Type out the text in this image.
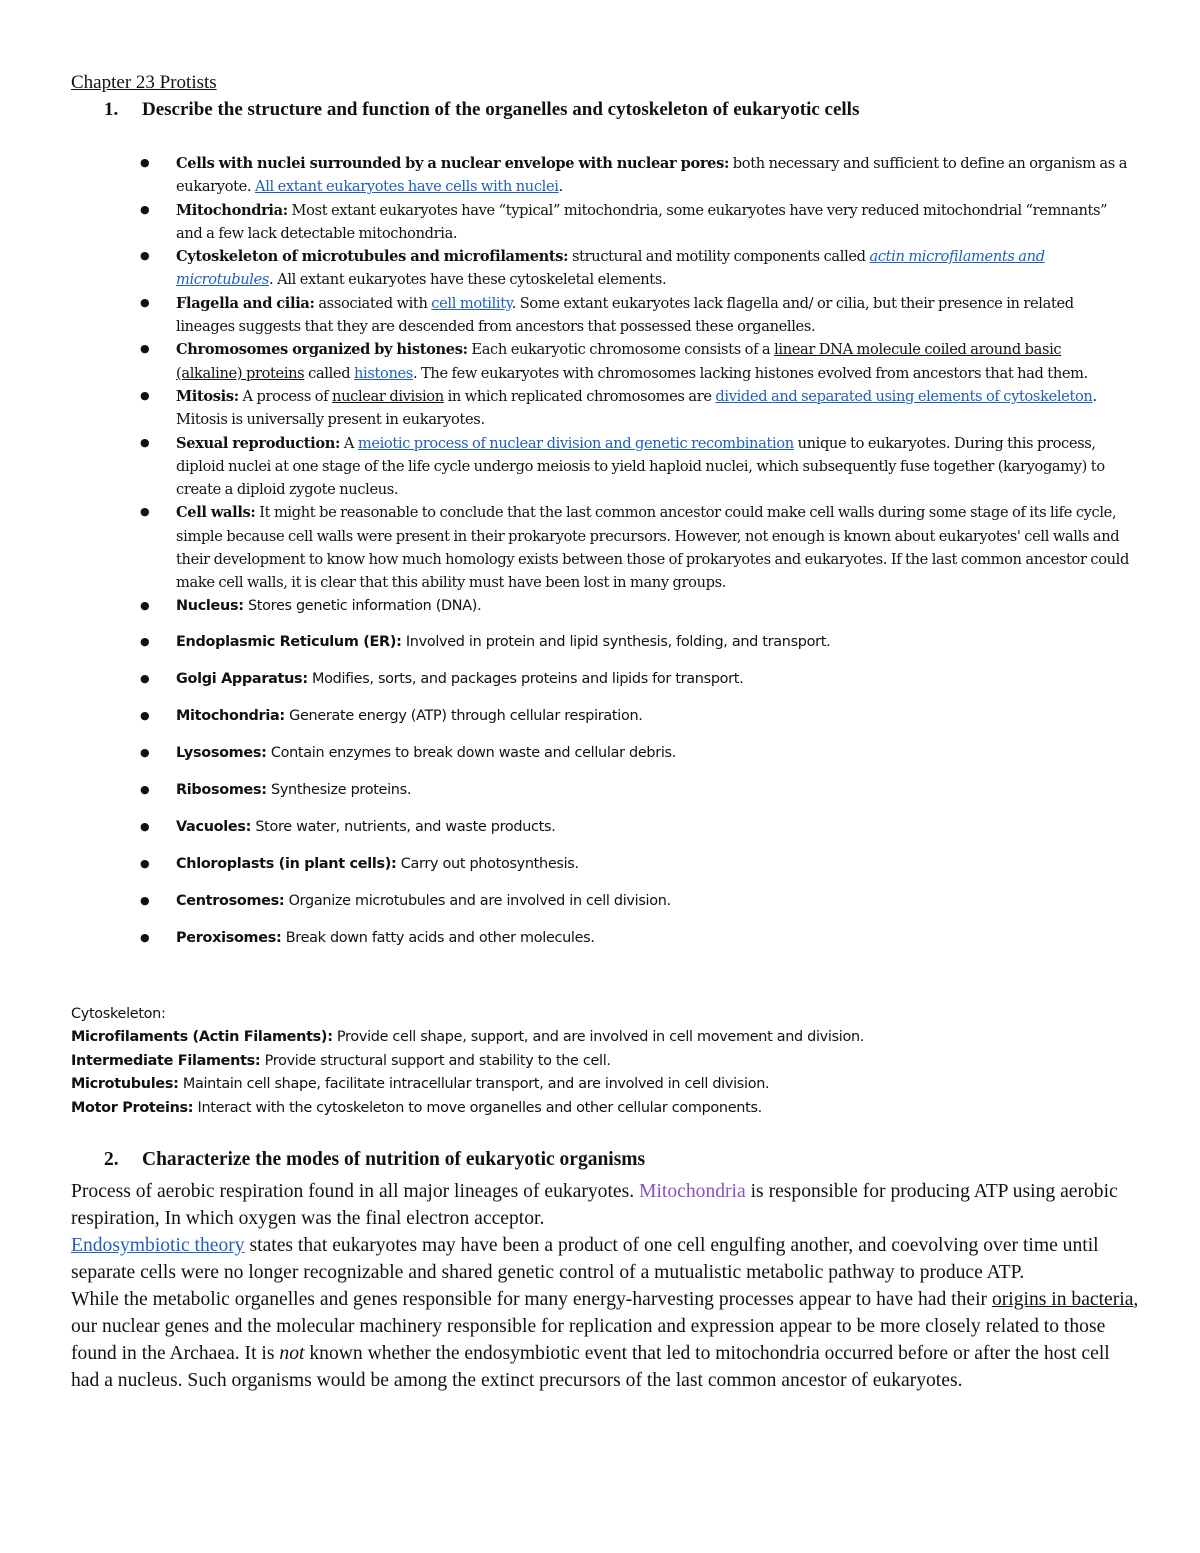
Chapter 23 Protists
1. Describe the structure and function of the organelles and cytoskeleton of eukaryotic cells
● Cells with nuclei surrounded by a nuclear envelope with nuclear pores: both necessary and sufficient to define an organism as a eukaryote. All extant eukaryotes have cells with nuclei.
● Mitochondria: Most extant eukaryotes have “typical” mitochondria, some eukaryotes have very reduced mitochondrial “remnants” and a few lack detectable mitochondria.
● Cytoskeleton of microtubules and microfilaments: structural and motility components called actin microfilaments and microtubules. All extant eukaryotes have these cytoskeletal elements.
● Flagella and cilia: associated with cell motility. Some extant eukaryotes lack flagella and/ or cilia, but their presence in related lineages suggests that they are descended from ancestors that possessed these organelles.
● Chromosomes organized by histones: Each eukaryotic chromosome consists of a linear DNA molecule coiled around basic (alkaline) proteins called histones. The few eukaryotes with chromosomes lacking histones evolved from ancestors that had them.
● Mitosis: A process of nuclear division in which replicated chromosomes are divided and separated using elements of cytoskeleton. Mitosis is universally present in eukaryotes.
● Sexual reproduction: A meiotic process of nuclear division and genetic recombination unique to eukaryotes. During this process, diploid nuclei at one stage of the life cycle undergo meiosis to yield haploid nuclei, which subsequently fuse together (karyogamy) to create a diploid zygote nucleus.
● Cell walls: It might be reasonable to conclude that the last common ancestor could make cell walls during some stage of its life cycle, simple because cell walls were present in their prokaryote precursors. However, not enough is known about eukaryotes' cell walls and their development to know how much homology exists between those of prokaryotes and eukaryotes. If the last common ancestor could make cell walls, it is clear that this ability must have been lost in many groups.
● Nucleus: Stores genetic information (DNA).
● Endoplasmic Reticulum (ER): Involved in protein and lipid synthesis, folding, and transport.
● Golgi Apparatus: Modifies, sorts, and packages proteins and lipids for transport.
● Mitochondria: Generate energy (ATP) through cellular respiration.
● Lysosomes: Contain enzymes to break down waste and cellular debris.
● Ribosomes: Synthesize proteins.
● Vacuoles: Store water, nutrients, and waste products.
● Chloroplasts (in plant cells): Carry out photosynthesis.
● Centrosomes: Organize microtubules and are involved in cell division.
● Peroxisomes: Break down fatty acids and other molecules.
Cytoskeleton:
Microfilaments (Actin Filaments): Provide cell shape, support, and are involved in cell movement and division.
Intermediate Filaments: Provide structural support and stability to the cell.
Microtubules: Maintain cell shape, facilitate intracellular transport, and are involved in cell division.
Motor Proteins: Interact with the cytoskeleton to move organelles and other cellular components.
2. Characterize the modes of nutrition of eukaryotic organisms
Process of aerobic respiration found in all major lineages of eukaryotes. Mitochondria is responsible for producing ATP using aerobic respiration, In which oxygen was the final electron acceptor.
Endosymbiotic theory states that eukaryotes may have been a product of one cell engulfing another, and coevolving over time until separate cells were no longer recognizable and shared genetic control of a mutualistic metabolic pathway to produce ATP.
While the metabolic organelles and genes responsible for many energy-harvesting processes appear to have had their origins in bacteria, our nuclear genes and the molecular machinery responsible for replication and expression appear to be more closely related to those found in the Archaea. It is not known whether the endosymbiotic event that led to mitochondria occurred before or after the host cell had a nucleus. Such organisms would be among the extinct precursors of the last common ancestor of eukaryotes.
